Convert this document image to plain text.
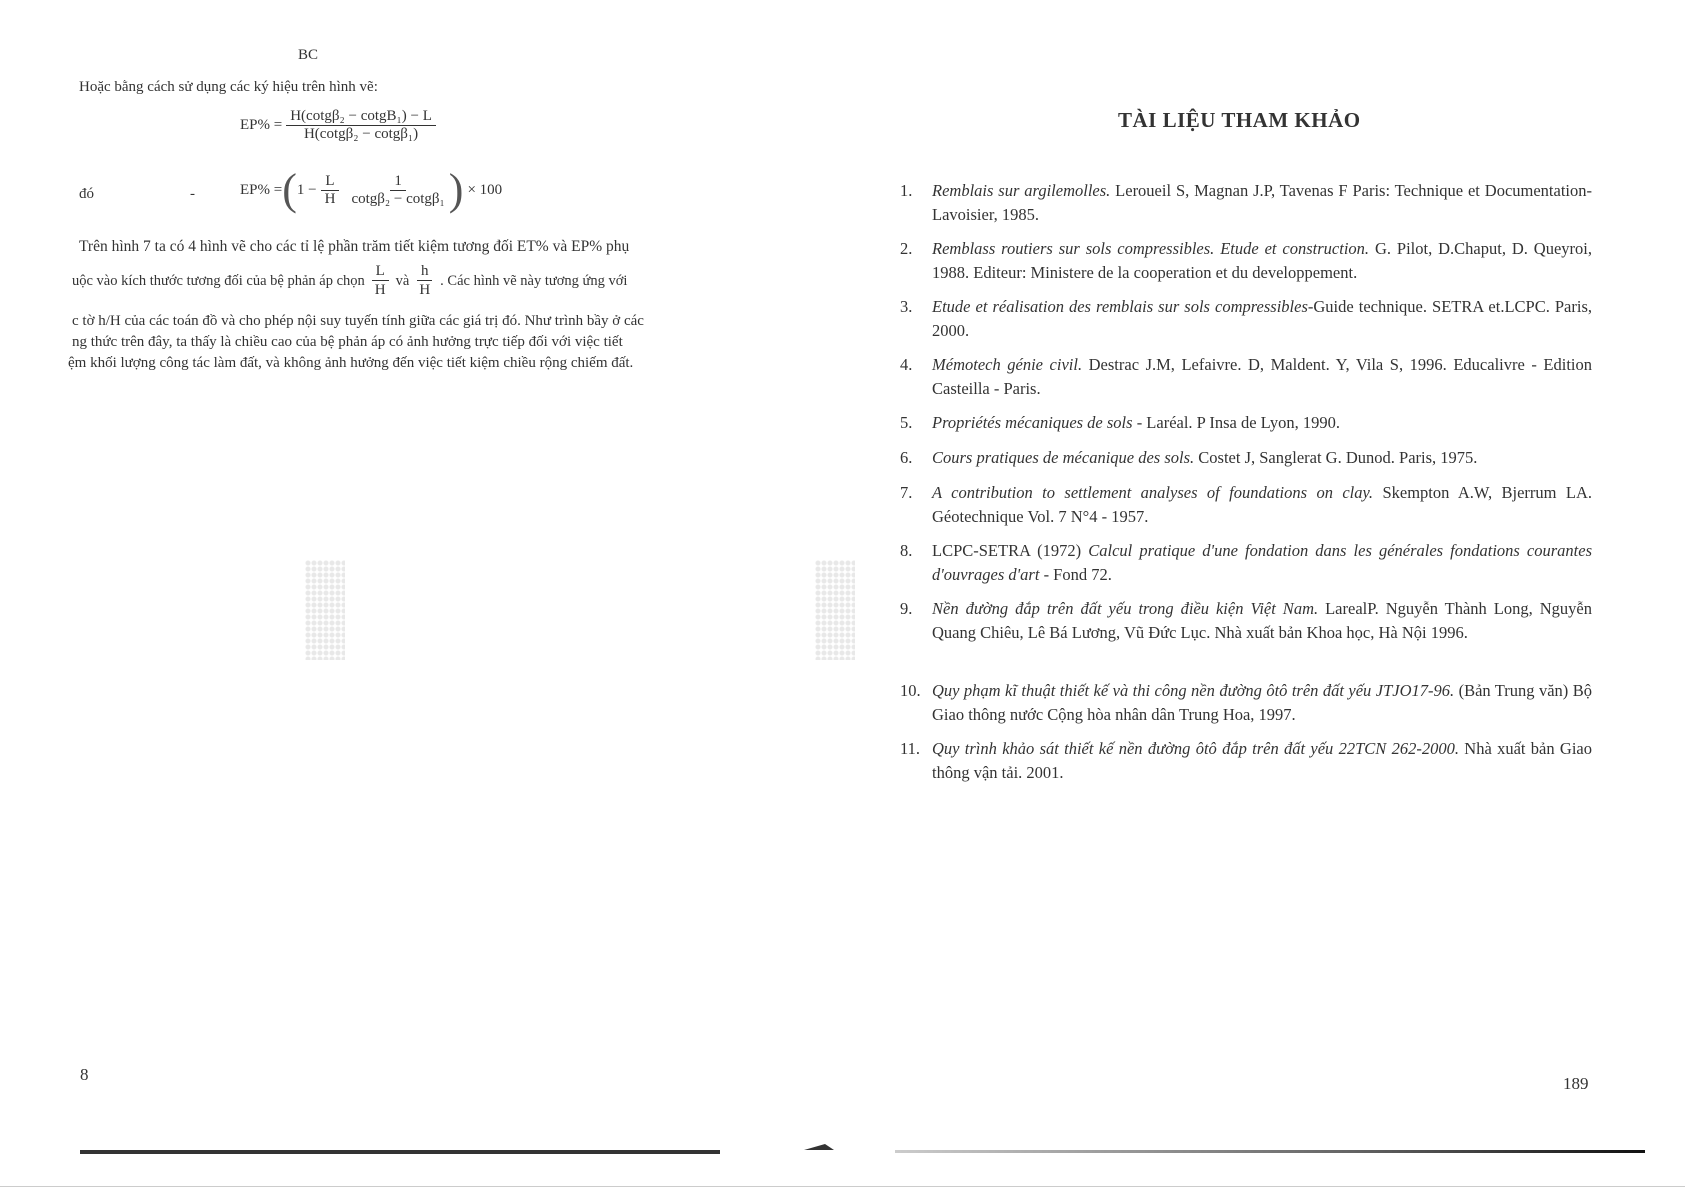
BC
Hoặc bằng cách sử dụng các ký hiệu trên hình vẽ:
$EP\% = \frac{\text{H(cotgβ₂ − cotgB₁) − L}}{\text{H(cotgβ₂ − cotgβ₁)}}$
đó	-	EP% = ( $1 - \frac{L}{H} \frac{1}{\text{cotgβ₂ − cotgβ₁}}$ ) × 100
Trên hình 7 ta có 4 hình vẽ cho các tỉ lệ phần trăm tiết kiệm tương đối ET% và EP% phụ
uộc vào kích thước tương đối của bệ phản áp chọn $\frac{L}{H}$ và $\frac{h}{H}$ . Các hình vẽ này tương ứng với
c tờ h/H của các toán đồ và cho phép nội suy tuyến tính giữa các giá trị đó. Như trình bầy ở các
ng thức trên đây, ta thấy là chiều cao của bệ phản áp có ảnh hưởng trực tiếp đối với việc tiết
ệm khối lượng công tác làm đất, và không ảnh hưởng đến việc tiết kiệm chiều rộng chiếm đất.
8
TÀI LIỆU THAM KHẢO
1.	Remblais sur argilemolles. Leroueil S, Magnan J.P, Tavenas F Paris: Technique et Documentation-Lavoisier, 1985.
2.	Remblass routiers sur sols compressibles. Etude et construction. G. Pilot, D.Chaput, D. Queyroi, 1988. Editeur: Ministere de la cooperation et du developpement.
3.	Etude et réalisation des remblais sur sols compressibles-Guide technique. SETRA et.LCPC. Paris, 2000.
4.	Mémotech génie civil. Destrac J.M, Lefaivre. D, Maldent. Y, Vila S, 1996. Educalivre - Edition Casteilla - Paris.
5.	Propriétés mécaniques de sols - Laréal. P Insa de Lyon, 1990.
6.	Cours pratiques de mécanique des sols. Costet J, Sanglerat G. Dunod. Paris, 1975.
7.	A contribution to settlement analyses of foundations on clay. Skempton A.W, Bjerrum LA. Géotechnique Vol. 7 N°4 - 1957.
8.	LCPC-SETRA (1972) Calcul pratique d'une fondation dans les générales fondations courantes d'ouvrages d'art - Fond 72.
9.	Nền đường đắp trên đất yếu trong điều kiện Việt Nam. LarealP. Nguyễn Thành Long, Nguyễn Quang Chiêu, Lê Bá Lương, Vũ Đức Lục. Nhà xuất bản Khoa học, Hà Nội 1996.
10. Quy phạm kĩ thuật thiết kế và thi công nền đường ôtô trên đất yếu JTJO17-96. (Bản Trung văn) Bộ Giao thông nước Cộng hòa nhân dân Trung Hoa, 1997.
11. Quy trình khảo sát thiết kế nền đường ôtô đắp trên đất yếu 22TCN 262-2000. Nhà xuất bản Giao thông vận tải. 2001.
189
